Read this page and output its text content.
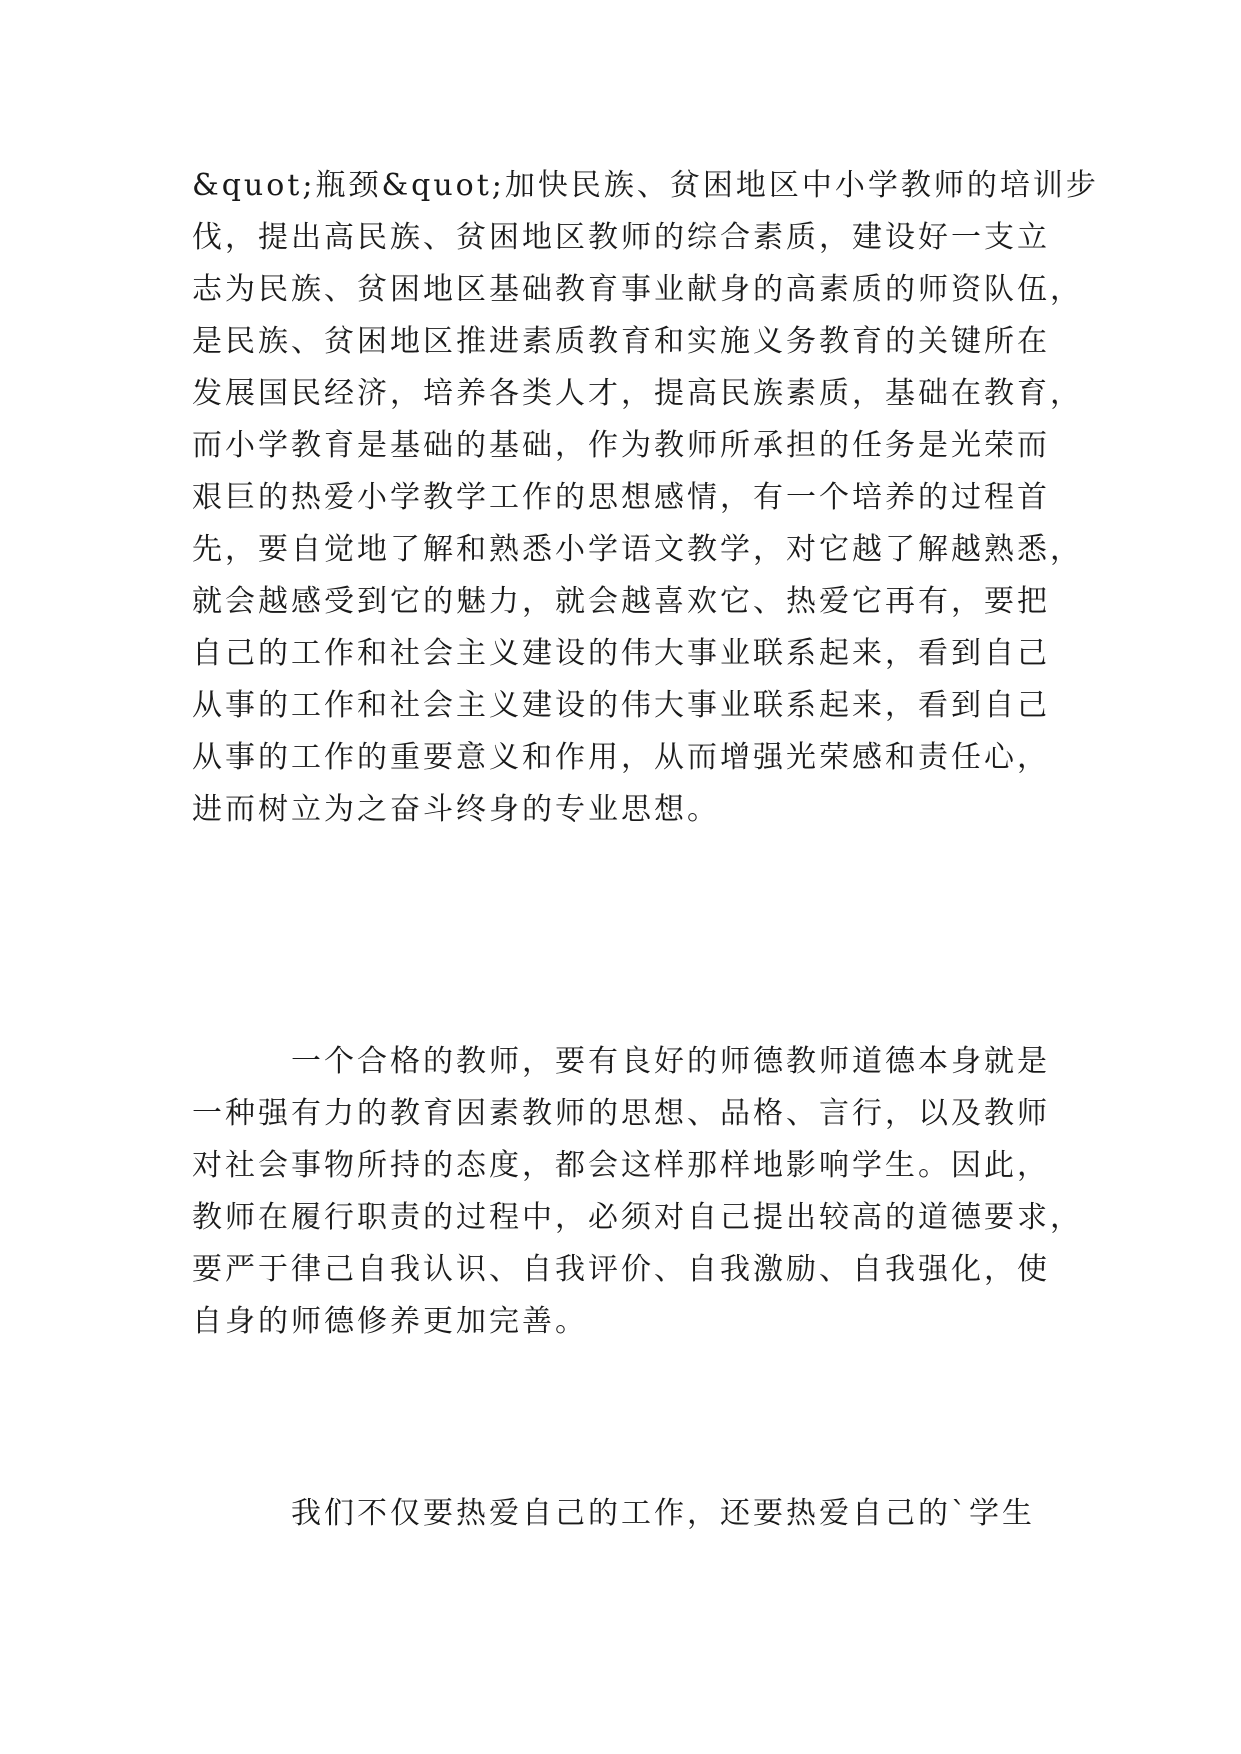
&quot;瓶颈&quot;加快民族、贫困地区中小学教师的培训步
伐，提出高民族、贫困地区教师的综合素质，建设好一支立
志为民族、贫困地区基础教育事业献身的高素质的师资队伍，
是民族、贫困地区推进素质教育和实施义务教育的关键所在
发展国民经济，培养各类人才，提高民族素质，基础在教育，
而小学教育是基础的基础，作为教师所承担的任务是光荣而
艰巨的热爱小学教学工作的思想感情，有一个培养的过程首
先，要自觉地了解和熟悉小学语文教学，对它越了解越熟悉，
就会越感受到它的魅力，就会越喜欢它、热爱它再有，要把
自己的工作和社会主义建设的伟大事业联系起来，看到自己
从事的工作和社会主义建设的伟大事业联系起来，看到自己
从事的工作的重要意义和作用，从而增强光荣感和责任心，
进而树立为之奋斗终身的专业思想。
　　　一个合格的教师，要有良好的师德教师道德本身就是
一种强有力的教育因素教师的思想、品格、言行，以及教师
对社会事物所持的态度，都会这样那样地影响学生。因此，
教师在履行职责的过程中，必须对自己提出较高的道德要求，
要严于律己自我认识、自我评价、自我激励、自我强化，使
自身的师德修养更加完善。
　　　我们不仅要热爱自己的工作，还要热爱自己的`学生
